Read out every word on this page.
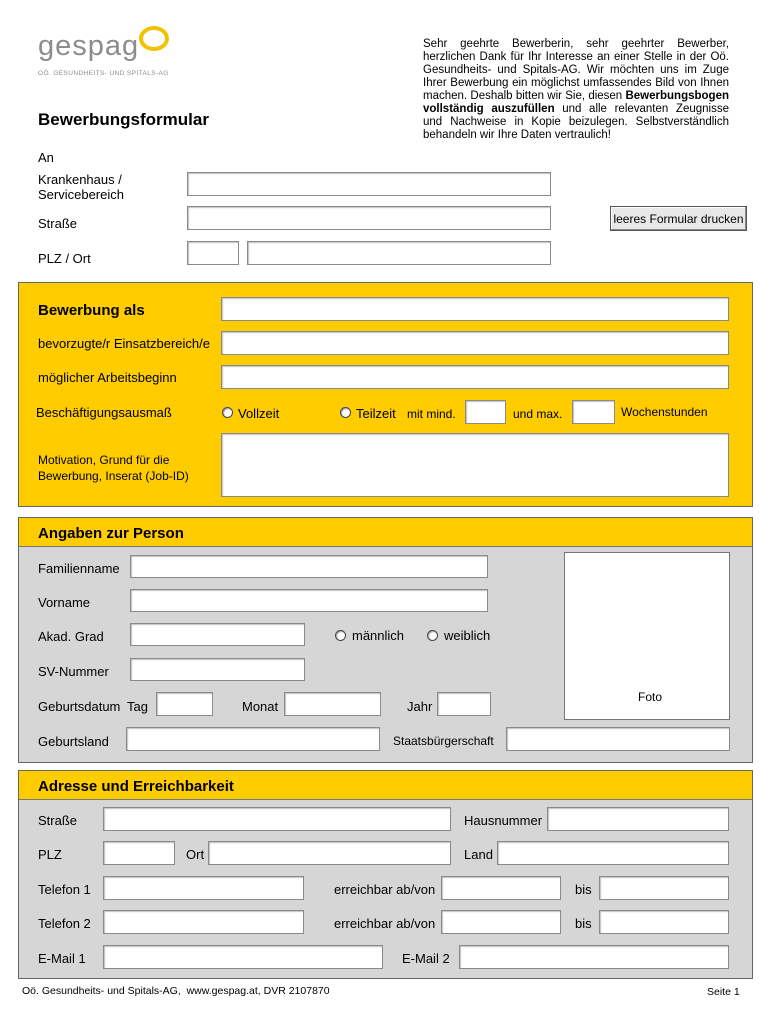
gespag
OÖ. GESUNDHEITS- UND SPITALS-AG
Sehr geehrte Bewerberin, sehr geehrter Bewerber, herzlichen Dank für Ihr Interesse an einer Stelle in der Oö. Gesundheits- und Spitals-AG. Wir möchten uns im Zuge Ihrer Bewerbung ein möglichst umfassendes Bild von Ihnen machen. Deshalb bitten wir Sie, diesen Bewerbungsbogen vollständig auszufüllen und alle relevanten Zeugnisse und Nachweise in Kopie beizulegen. Selbstverständlich behandeln wir Ihre Daten vertraulich!
Bewerbungsformular
An
Krankenhaus /
Servicebereich
Straße	leeres Formular drucken
PLZ / Ort
Bewerbung als
bevorzugte/r Einsatzbereich/e
möglicher Arbeitsbeginn
Beschäftigungsausmaß	Vollzeit	Teilzeit mit mind.	und max.	Wochenstunden
Motivation, Grund für die
Bewerbung, Inserat (Job-ID)
Angaben zur Person
Familienname
Vorname
Akad. Grad	männlich	weiblich
SV-Nummer
Geburtsdatum Tag	Monat	Jahr
Foto
Geburtsland	Staatsbürgerschaft
Adresse und Erreichbarkeit
Straße	Hausnummer
PLZ	Ort	Land
Telefon 1	erreichbar ab/von	bis
Telefon 2	erreichbar ab/von	bis
E-Mail 1	E-Mail 2
Oö. Gesundheits- und Spitals-AG,  www.gespag.at, DVR 2107870	Seite 1
